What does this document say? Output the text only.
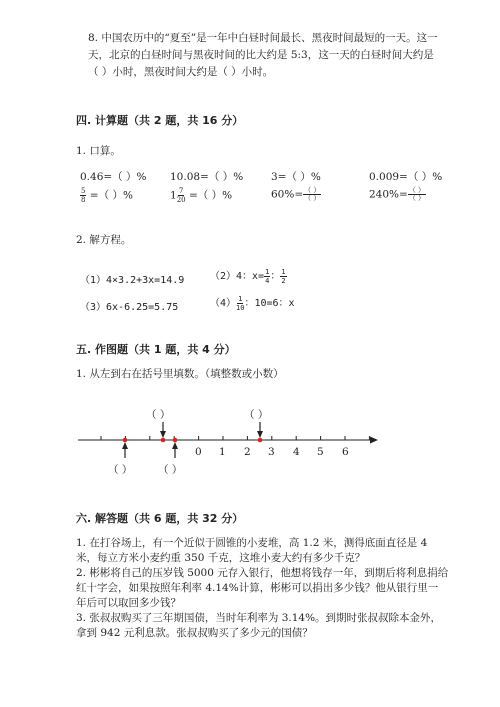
8. 中国农历中的“夏至”是一年中白昼时间最长、黑夜时间最短的一天。这一
天，北京的白昼时间与黑夜时间的比大约是 5:3，这一天的白昼时间大约是
（ ）小时，黑夜时间大约是（ ）小时。
四. 计算题（共 2 题，共 16 分）
1. 口算。
0.46=（ ）% 10.08=（ ）%	3=（ ）%	0.009=（ ）%
$\frac{5}{8}$ =（ ）%	$1 \frac{7}{20}$ =（ ）%	$60\%= \frac{( )}{( )}$	$240\%= \frac{( )}{( )}$
2. 解方程。
（1）4×3.2+3x=14.9	（2）4：$x= \frac{1}{4}$ ： $\frac{1}{2}$
（3）6x-6.25=5.75	$(4) \frac{1}{10}$ ：10=6：x
五. 作图题（共 1 题，共 4 分）
1. 从左到右在括号里填数。（填整数或小数）
（ ）	（ ）
（ ） （ ）
0 1 2 3 4 5 6
六. 解答题（共 6 题，共 32 分）
1. 在打谷场上，有一个近似于圆锥的小麦堆，高 1.2 米，测得底面直径是 4
米，每立方米小麦约重 350 千克，这堆小麦大约有多少千克？
2. 彬彬将自己的压岁钱 5000 元存入银行，他想将钱存一年，到期后将利息捐给
红十字会，如果按照年利率 4.14%计算，彬彬可以捐出多少钱？他从银行里一
年后可以取回多少钱？
3. 张叔叔购买了三年期国债，当时年利率为 3.14%。到期时张叔叔除本金外，
拿到 942 元利息款。张叔叔购买了多少元的国债？
